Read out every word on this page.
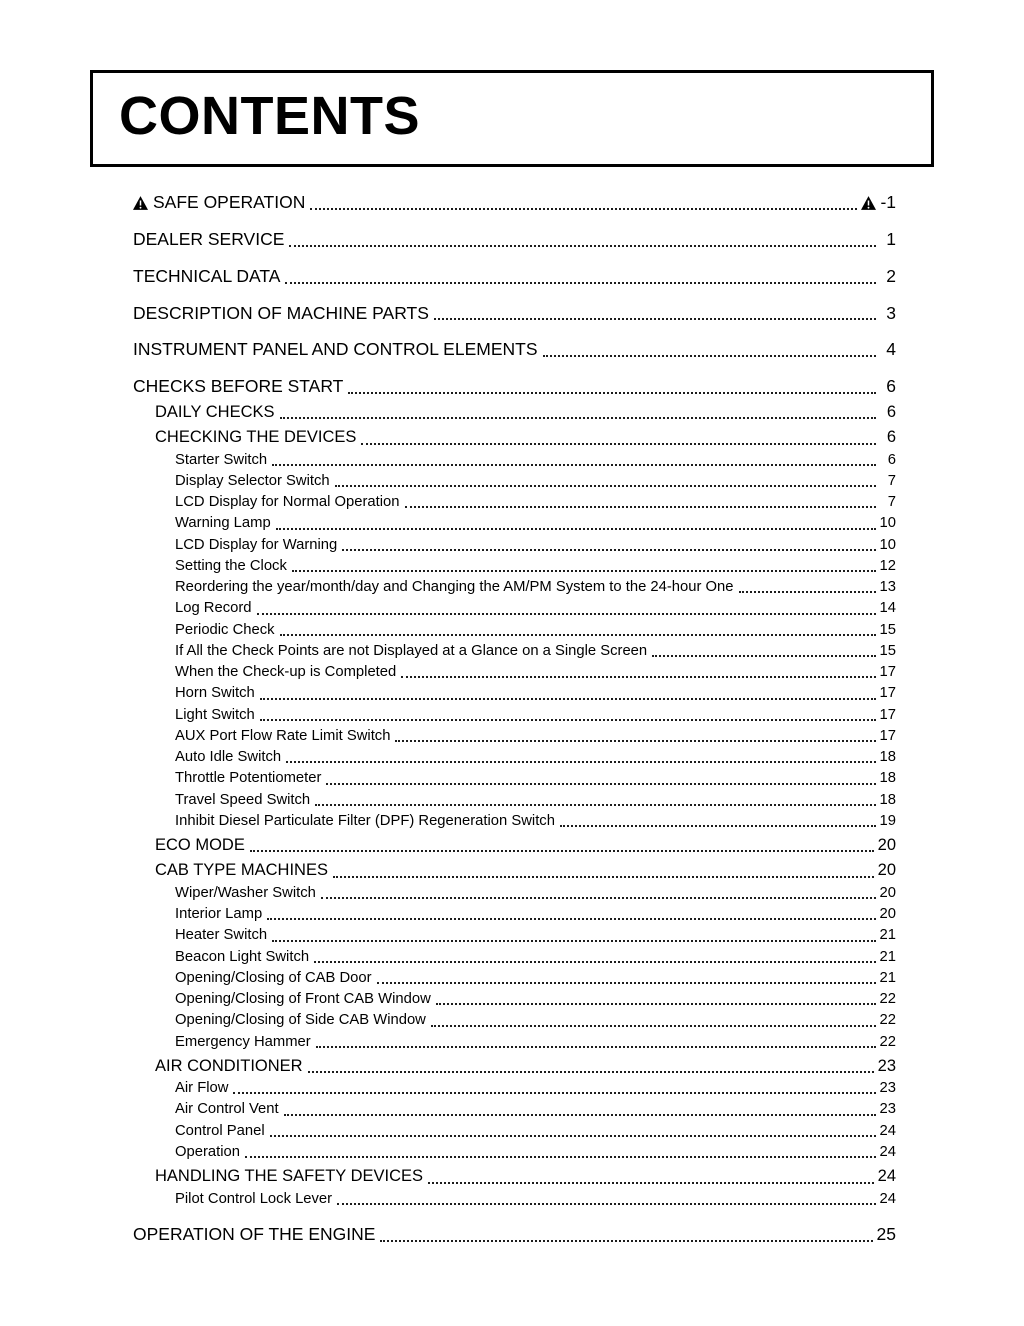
CONTENTS
SAFE OPERATION	-1
DEALER SERVICE	1
TECHNICAL DATA	2
DESCRIPTION OF MACHINE PARTS	3
INSTRUMENT PANEL AND CONTROL ELEMENTS	4
CHECKS BEFORE START	6
DAILY CHECKS	6
CHECKING THE DEVICES	6
Starter Switch	6
Display Selector Switch	7
LCD Display for Normal Operation	7
Warning Lamp	10
LCD Display for Warning	10
Setting the Clock	12
Reordering the year/month/day and Changing the AM/PM System to the 24-hour One	13
Log Record	14
Periodic Check	15
If All the Check Points are not Displayed at a Glance on a Single Screen	15
When the Check-up is Completed	17
Horn Switch	17
Light Switch	17
AUX Port Flow Rate Limit Switch	17
Auto Idle Switch	18
Throttle Potentiometer	18
Travel Speed Switch	18
Inhibit Diesel Particulate Filter (DPF) Regeneration Switch	19
ECO MODE	20
CAB TYPE MACHINES	20
Wiper/Washer Switch	20
Interior Lamp	20
Heater Switch	21
Beacon Light Switch	21
Opening/Closing of CAB Door	21
Opening/Closing of Front CAB Window	22
Opening/Closing of Side CAB Window	22
Emergency Hammer	22
AIR CONDITIONER	23
Air Flow	23
Air Control Vent	23
Control Panel	24
Operation	24
HANDLING THE SAFETY DEVICES	24
Pilot Control Lock Lever	24
OPERATION OF THE ENGINE	25
